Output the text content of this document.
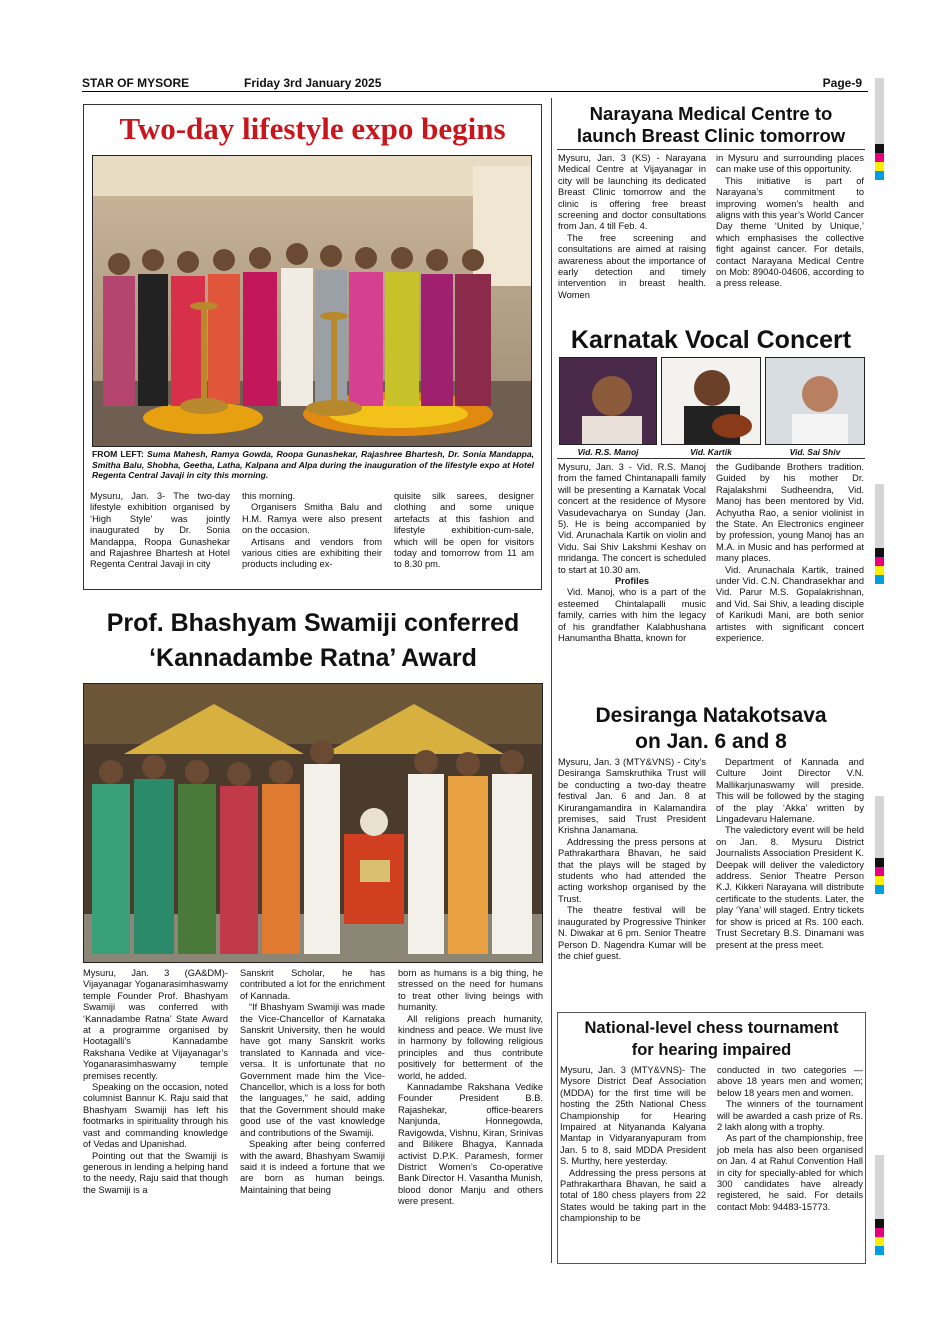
STAR OF MYSORE	Friday 3rd January 2025	Page-9
Two-day lifestyle expo begins
FROM LEFT: Suma Mahesh, Ramya Gowda, Roopa Gunashekar, Rajashree Bhartesh, Dr. Sonia Mandappa, Smitha Balu, Shobha, Geetha, Latha, Kalpana and Alpa during the inauguration of the lifestyle expo at Hotel Regenta Central Javaji in city this morning.

Mysuru, Jan. 3- The two-day lifestyle exhibition organised by ‘High Style’ was jointly inaugurated by Dr. Sonia Mandappa, Roopa Gunashekar and Rajashree Bhartesh at Hotel Regenta Central Javaji in city

this morning.

Organisers Smitha Balu and H.M. Ramya were also present on the occasion.

Artisans and vendors from various cities are exhibiting their products including ex-

quisite silk sarees, designer clothing and some unique artefacts at this fashion and lifestyle exhibition-cum-sale, which will be open for visitors today and tomorrow from 11 am to 8.30 pm.

Prof. Bhashyam Swamiji conferred
‘Kannadambe Ratna’ Award

Mysuru, Jan. 3 (GA&DM)- Vijayanagar Yoganarasimhaswamy temple Founder Prof. Bhashyam Swamiji was conferred with ‘Kannadambe Ratna’ State Award at a programme organised by Hootagalli’s Kannadambe Rakshana Vedike at Vijayanagar’s Yoganarasimhaswamy temple premises recently.

Speaking on the occasion, noted columnist Bannur K. Raju said that Bhashyam Swamiji has left his footmarks in spirituality through his vast and commanding knowledge of Vedas and Upanishad.

Pointing out that the Swamiji is generous in lending a helping hand to the needy, Raju said that though the Swamiji is a

Sanskrit Scholar, he has contributed a lot for the enrichment of Kannada.

“If Bhashyam Swamiji was made the Vice-Chancellor of Karnataka Sanskrit University, then he would have got many Sanskrit works translated to Kannada and vice-versa. It is unfortunate that no Government made him the Vice-Chancellor, which is a loss for both the languages,” he said, adding that the Government should make good use of the vast knowledge and contributions of the Swamiji.

Speaking after being conferred with the award, Bhashyam Swamiji said it is indeed a fortune that we are born as human beings. Maintaining that being

born as humans is a big thing, he stressed on the need for humans to treat other living beings with humanity.

All religions preach humanity, kindness and peace. We must live in harmony by following religious principles and thus contribute positively for betterment of the world, he added.

Kannadambe Rakshana Vedike Founder President B.B. Rajashekar, office-bearers Nanjunda, Honnegowda, Ravigowda, Vishnu, Kiran, Srinivas and Bilikere Bhagya, Kannada activist D.P.K. Paramesh, former District Women’s Co-operative Bank Director H. Vasantha Munish, blood donor Manju and others were present.

Narayana Medical Centre to
launch Breast Clinic tomorrow

Mysuru, Jan. 3 (KS) - Narayana Medical Centre at Vijayanagar in city will be launching its dedicated Breast Clinic tomorrow and the clinic is offering free breast screening and doctor consultations from Jan. 4 till Feb. 4.

The free screening and consultations are aimed at raising awareness about the importance of early detection and timely intervention in breast health. Women

in Mysuru and surrounding places can make use of this opportunity.

This initiative is part of Narayana’s commitment to improving women’s health and aligns with this year’s World Cancer Day theme ‘United by Unique,’ which emphasises the collective fight against cancer. For details, contact Narayana Medical Centre on Mob: 89040-04606, according to a press release.

Karnatak Vocal Concert
Vid. R.S. Manoj	Vid. Kartik	Vid. Sai Shiv

Mysuru, Jan. 3 - Vid. R.S. Manoj from the famed Chintanapalli family will be presenting a Karnatak Vocal concert at the residence of Mysore Vasudevacharya on Sunday (Jan. 5). He is being accompanied by Vid. Arunachala Kartik on violin and Vidu. Sai Shiv Lakshmi Keshav on mridanga. The concert is scheduled to start at 10.30 am.

Profiles

Vid. Manoj, who is a part of the esteemed Chintalapalli music family, carries with him the legacy of his grandfather Kalabhushana Hanumantha Bhatta, known for

the Gudibande Brothers tradition. Guided by his mother Dr. Rajalakshmi Sudheendra, Vid. Manoj has been mentored by Vid. Achyutha Rao, a senior violinist in the State. An Electronics engineer by profession, young Manoj has an M.A. in Music and has performed at many places.

Vid. Arunachala Kartik, trained under Vid. C.N. Chandrasekhar and Vid. Parur M.S. Gopalakrishnan, and Vid. Sai Shiv, a leading disciple of Karikudi Mani, are both senior artistes with significant concert experience.

Desiranga Natakotsava
on Jan. 6 and 8

Mysuru, Jan. 3 (MTY&VNS) - City’s Desiranga Samskruthika Trust will be conducting a two-day theatre festival Jan. 6 and Jan. 8 at Kirurangamandira in Kalamandira premises, said Trust President Krishna Janamana.

Addressing the press persons at Pathrakarthara Bhavan, he said that the plays will be staged by students who had attended the acting workshop organised by the Trust.

The theatre festival will be inaugurated by Progressive Thinker N. Diwakar at 6 pm. Senior Theatre Person D. Nagendra Kumar will be the chief guest.

Department of Kannada and Culture Joint Director V.N. Mallikarjunaswamy will preside. This will be followed by the staging of the play ‘Akka’ written by Lingadevaru Halemane.

The valedictory event will be held on Jan. 8. Mysuru District Journalists Association President K. Deepak will deliver the valedictory address. Senior Theatre Person K.J. Kikkeri Narayana will distribute certificate to the students. Later, the play ‘Yana’ will staged. Entry tickets for show is priced at Rs. 100 each. Trust Secretary B.S. Dinamani was present at the press meet.

National-level chess tournament
for hearing impaired

Mysuru, Jan. 3 (MTY&VNS)- The Mysore District Deaf Association (MDDA) for the first time will be hosting the 25th National Chess Championship for Hearing Impaired at Nityananda Kalyana Mantap in Vidyaranyapuram from Jan. 5 to 8, said MDDA President S. Murthy, here yesterday.

Addressing the press persons at Pathrakarthara Bhavan, he said a total of 180 chess players from 22 States would be taking part in the championship to be

conducted in two categories — above 18 years men and women; below 18 years men and women.

The winners of the tournament will be awarded a cash prize of Rs. 2 lakh along with a trophy.

As part of the championship, free job mela has also been organised on Jan. 4 at Rahul Convention Hall in city for specially-abled for which 300 candidates have already registered, he said. For details contact Mob: 94483-15773.
